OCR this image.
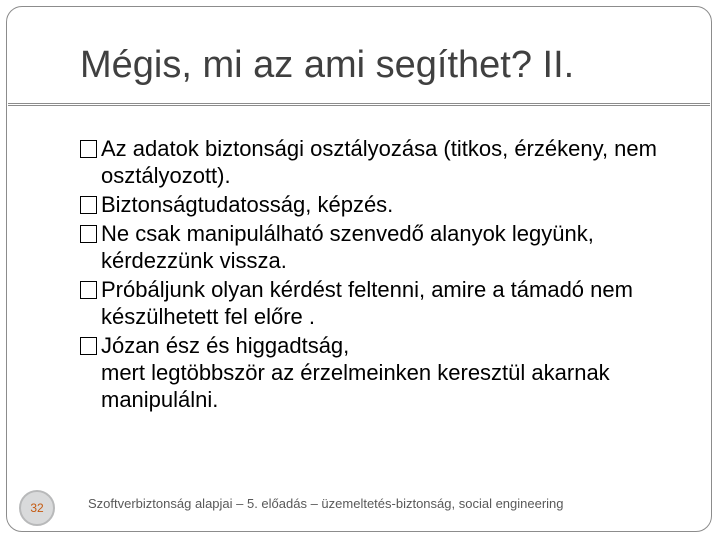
Mégis, mi az ami segíthet? II.
Az adatok biztonsági osztályozása (titkos, érzékeny, nem osztályozott).
Biztonságtudatosság, képzés.
Ne csak manipulálható szenvedő alanyok legyünk, kérdezzünk vissza.
Próbáljunk olyan kérdést feltenni, amire a támadó nem készülhetett fel előre .
Józan ész és higgadtság,
mert legtöbbször az érzelmeinken keresztül akarnak manipulálni.
32	Szoftverbiztonság alapjai – 5. előadás – üzemeltetés-biztonság, social engineering
